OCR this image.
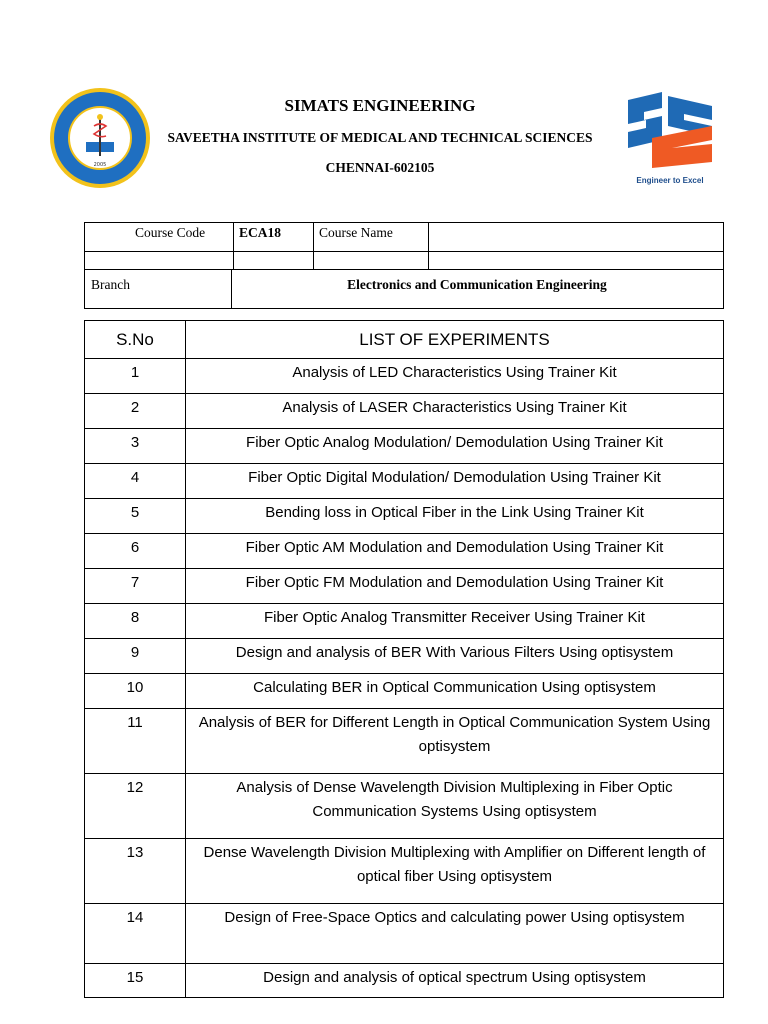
2005
SIMATS ENGINEERING
SAVEETHA INSTITUTE OF MEDICAL AND TECHNICAL SCIENCES
CHENNAI-602105
Engineer to Excel
Course Code	ECA18	Course Name
Branch	Electronics and Communication Engineering
S.No	LIST OF EXPERIMENTS
1	Analysis of LED Characteristics Using Trainer Kit
2	Analysis of LASER Characteristics Using Trainer Kit
3	Fiber Optic Analog Modulation/ Demodulation Using Trainer Kit
4	Fiber Optic Digital Modulation/ Demodulation Using Trainer Kit
5	Bending loss in Optical Fiber in the Link Using Trainer Kit
6	Fiber Optic AM Modulation and Demodulation Using Trainer Kit
7	Fiber Optic FM Modulation and Demodulation Using Trainer Kit
8	Fiber Optic Analog Transmitter Receiver Using Trainer Kit
9	Design and analysis of BER With Various Filters Using optisystem
10	Calculating BER in Optical Communication Using optisystem
11	Analysis of BER for Different Length in Optical Communication System Using optisystem
12	Analysis of Dense Wavelength Division Multiplexing in Fiber Optic Communication Systems Using optisystem
13	Dense Wavelength Division Multiplexing with Amplifier on Different length of optical fiber Using optisystem
14	Design of Free-Space Optics and calculating power Using optisystem
15	Design and analysis of optical spectrum Using optisystem
